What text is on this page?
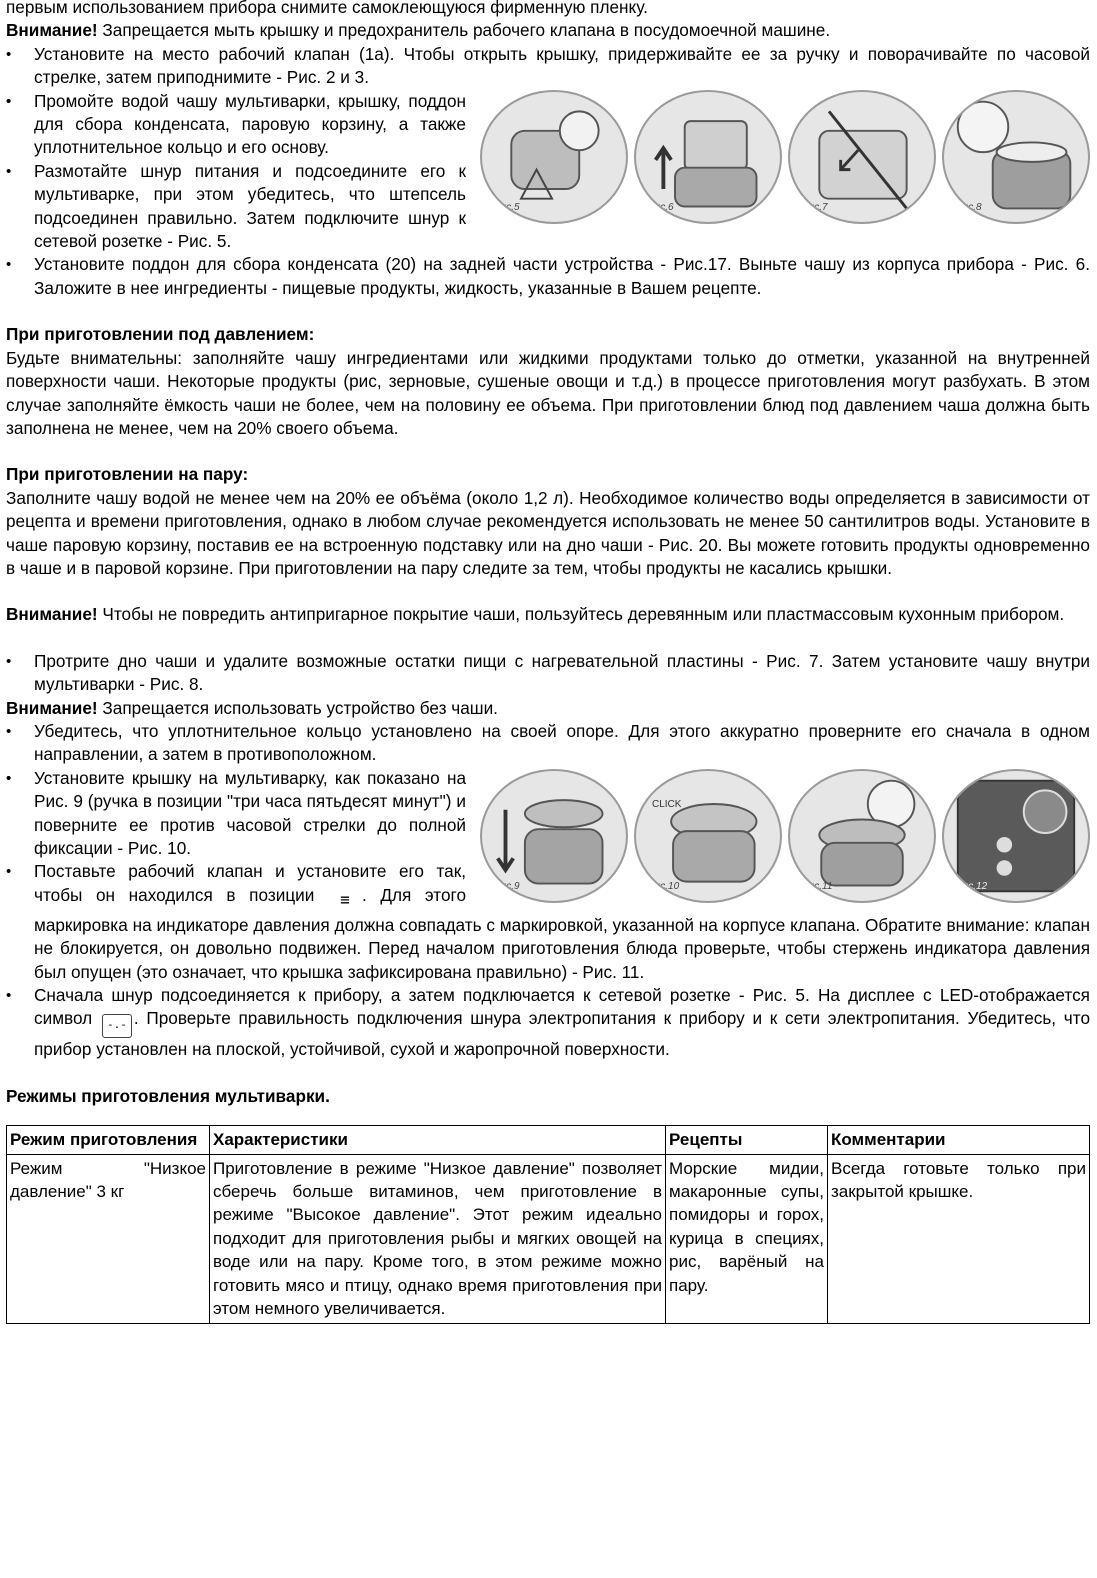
первым использованием прибора снимите самоклеющуюся фирменную пленку.

Внимание! Запрещается мыть крышку и предохранитель рабочего клапана в посудомоечной машине.

• Установите на место рабочий клапан (1а). Чтобы открыть крышку, придерживайте ее за ручку и поворачивайте по часовой стрелке, затем приподнимите - Рис. 2 и 3.
• Рис.5	Рис.6	Рис.7	Рис.8
• Промойте водой чашу мультиварки, крышку, поддон для сбора конденсата, паровую корзину, а также уплотнительное кольцо и его основу.
• Размотайте шнур питания и подсоедините его к мультиварке, при этом убедитесь, что штепсель подсоединен правильно. Затем подключите шнур к сетевой розетке - Рис. 5.
• Установите поддон для сбора конденсата (20) на задней части устройства - Рис.17. Выньте чашу из корпуса прибора - Рис. 6. Заложите в нее ингредиенты - пищевые продукты, жидкость, указанные в Вашем рецепте.

При приготовлении под давлением:

Будьте внимательны: заполняйте чашу ингредиентами или жидкими продуктами только до отметки, указанной на внутренней поверхности чаши. Некоторые продукты (рис, зерновые, сушеные овощи и т.д.) в процессе приготовления могут разбухать. В этом случае заполняйте ёмкость чаши не более, чем на половину ее объема. При приготовлении блюд под давлением чаша должна быть заполнена не менее, чем на 20% своего объема.

При приготовлении на пару:

Заполните чашу водой не менее чем на 20% ее объёма (около 1,2 л). Необходимое количество воды определяется в зависимости от рецепта и времени приготовления, однако в любом случае рекомендуется использовать не менее 50 сантилитров воды. Установите в чаше паровую корзину, поставив ее на встроенную подставку или на дно чаши - Рис. 20. Вы можете готовить продукты одновременно в чаше и в паровой корзине. При приготовлении на пару следите за тем, чтобы продукты не касались крышки.

Внимание! Чтобы не повредить антипригарное покрытие чаши, пользуйтесь деревянным или пластмассовым кухонным прибором.

• Протрите дно чаши и удалите возможные остатки пищи с нагревательной пластины - Рис. 7. Затем установите чашу внутри мультиварки - Рис. 8.

Внимание! Запрещается использовать устройство без чаши.

• Убедитесь, что уплотнительное кольцо установлено на своей опоре. Для этого аккуратно проверните его сначала в одном направлении, а затем в противоположном.
• Рис.9
CLICK
Рис.10	Рис.11	Рис.12
• Установите крышку на мультиварку, как показано на Рис. 9 (ручка в позиции "три часа пятьдесят минут") и поверните ее против часовой стрелки до полной фиксации - Рис. 10.
• Поставьте рабочий клапан и установите его так, чтобы он находился в позиции ≡ . Для этого маркировка на индикаторе давления должна совпадать с маркировкой, указанной на корпусе клапана. Обратите внимание: клапан не блокируется, он довольно подвижен. Перед началом приготовления блюда проверьте, чтобы стержень индикатора давления был опущен (это означает, что крышка зафиксирована правильно) - Рис. 11.
• Сначала шнур подсоединяется к прибору, а затем подключается к сетевой розетке - Рис. 5. На дисплее с LED-отображается символ -.- . Проверьте правильность подключения шнура электропитания к прибору и к сети электропитания. Убедитесь, что прибор установлен на плоской, устойчивой, сухой и жаропрочной поверхности.

Режимы приготовления мультиварки.

Режим приготовления	Характеристики	Рецепты	Комментарии
Режим "Низкое давление" 3 кг	Приготовление в режиме "Низкое давление" позволяет сберечь больше витаминов, чем приготовление в режиме "Высокое давление". Этот режим идеально подходит для приготовления рыбы и мягких овощей на воде или на пару. Кроме того, в этом режиме можно готовить мясо и птицу, однако время приготовления при этом немного увеличивается.	Морские мидии, макаронные супы, помидоры и горох, курица в специях, рис, варёный на пару.	Всегда готовьте только при закрытой крышке.
